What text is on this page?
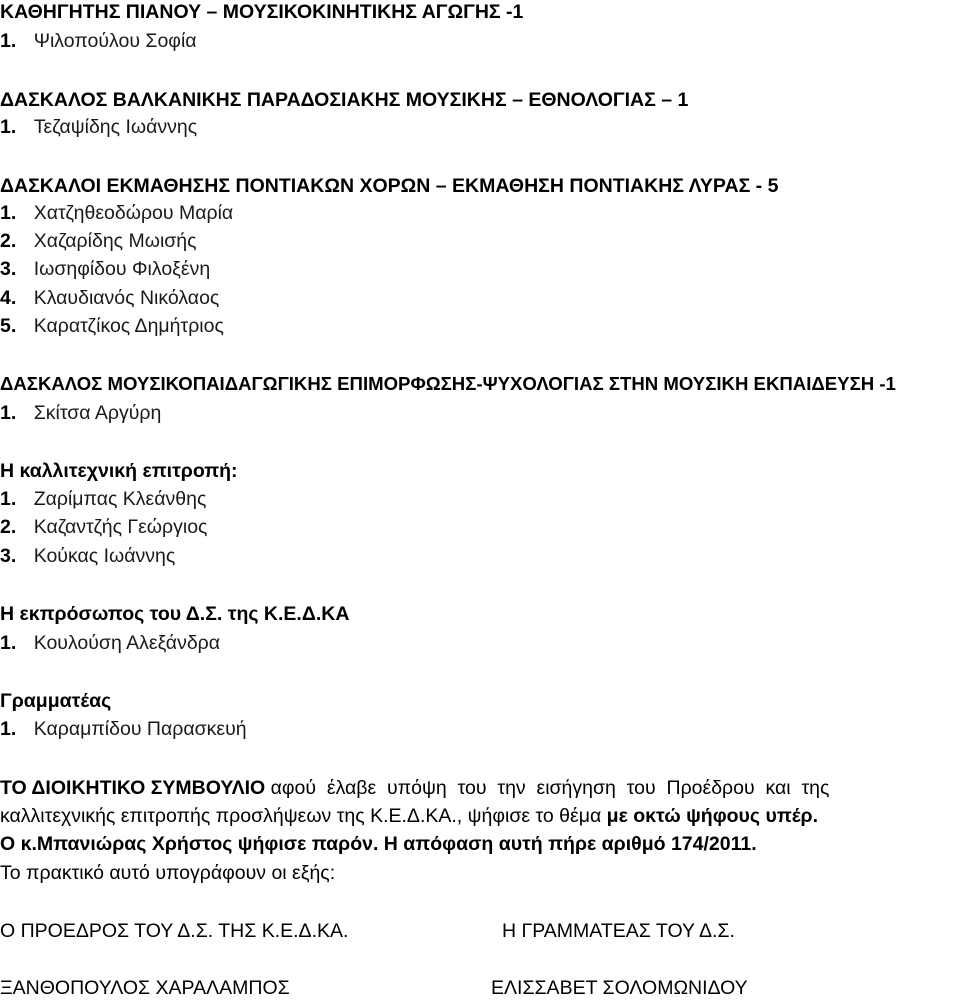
ΚΑΘΗΓΗΤΗΣ ΠΙΑΝΟΥ – ΜΟΥΣΙΚΟΚΙΝΗΤΙΚΗΣ ΑΓΩΓΗΣ -1
1. Ψιλοπούλου Σοφία
ΔΑΣΚΑΛΟΣ ΒΑΛΚΑΝΙΚΗΣ ΠΑΡΑΔΟΣΙΑΚΗΣ ΜΟΥΣΙΚΗΣ – ΕΘΝΟΛΟΓΙΑΣ – 1
1. Τεζαψίδης Ιωάννης
ΔΑΣΚΑΛΟΙ ΕΚΜΑΘΗΣΗΣ ΠΟΝΤΙΑΚΩΝ ΧΟΡΩΝ – ΕΚΜΑΘΗΣΗ ΠΟΝΤΙΑΚΗΣ ΛΥΡΑΣ - 5
1. Χατζηθεοδώρου Μαρία
2. Χαζαρίδης Μωισής
3. Ιωσηφίδου Φιλοξένη
4. Κλαυδιανός Νικόλαος
5. Καρατζίκος Δημήτριος
ΔΑΣΚΑΛΟΣ ΜΟΥΣΙΚΟΠΑΙΔΑΓΩΓΙΚΗΣ ΕΠΙΜΟΡΦΩΣΗΣ-ΨΥΧΟΛΟΓΙΑΣ ΣΤΗΝ ΜΟΥΣΙΚΗ ΕΚΠΑΙΔΕΥΣΗ -1
1. Σκίτσα Αργύρη
Η καλλιτεχνική επιτροπή:
1. Ζαρίμπας Κλεάνθης
2. Καζαντζής Γεώργιος
3. Κούκας Ιωάννης
Η εκπρόσωπος του Δ.Σ. της Κ.Ε.Δ.ΚΑ
1. Κουλούση Αλεξάνδρα
Γραμματέας
1. Καραμπίδου Παρασκευή
ΤΟ ΔΙΟΙΚΗΤΙΚΟ ΣΥΜΒΟΥΛΙΟ αφού  έλαβε  υπόψη  του  την  εισήγηση  του  Προέδρου  και  της
καλλιτεχνικής επιτροπής προσλήψεων της Κ.Ε.Δ.ΚΑ., ψήφισε το θέμα με οκτώ ψήφους υπέρ.
Ο κ.Μπανιώρας Χρήστος ψήφισε παρόν. Η απόφαση αυτή πήρε αριθμό 174/2011.
Το πρακτικό αυτό υπογράφουν οι εξής:
Ο ΠΡΟΕΔΡΟΣ ΤΟΥ Δ.Σ. ΤΗΣ Κ.Ε.Δ.ΚΑ.	Η ΓΡΑΜΜΑΤΕΑΣ ΤΟΥ Δ.Σ.
ΞΑΝΘΟΠΟΥΛΟΣ ΧΑΡΑΛΑΜΠΟΣ	ΕΛΙΣΣΑΒΕΤ ΣΟΛΟΜΩΝΙΔΟΥ
